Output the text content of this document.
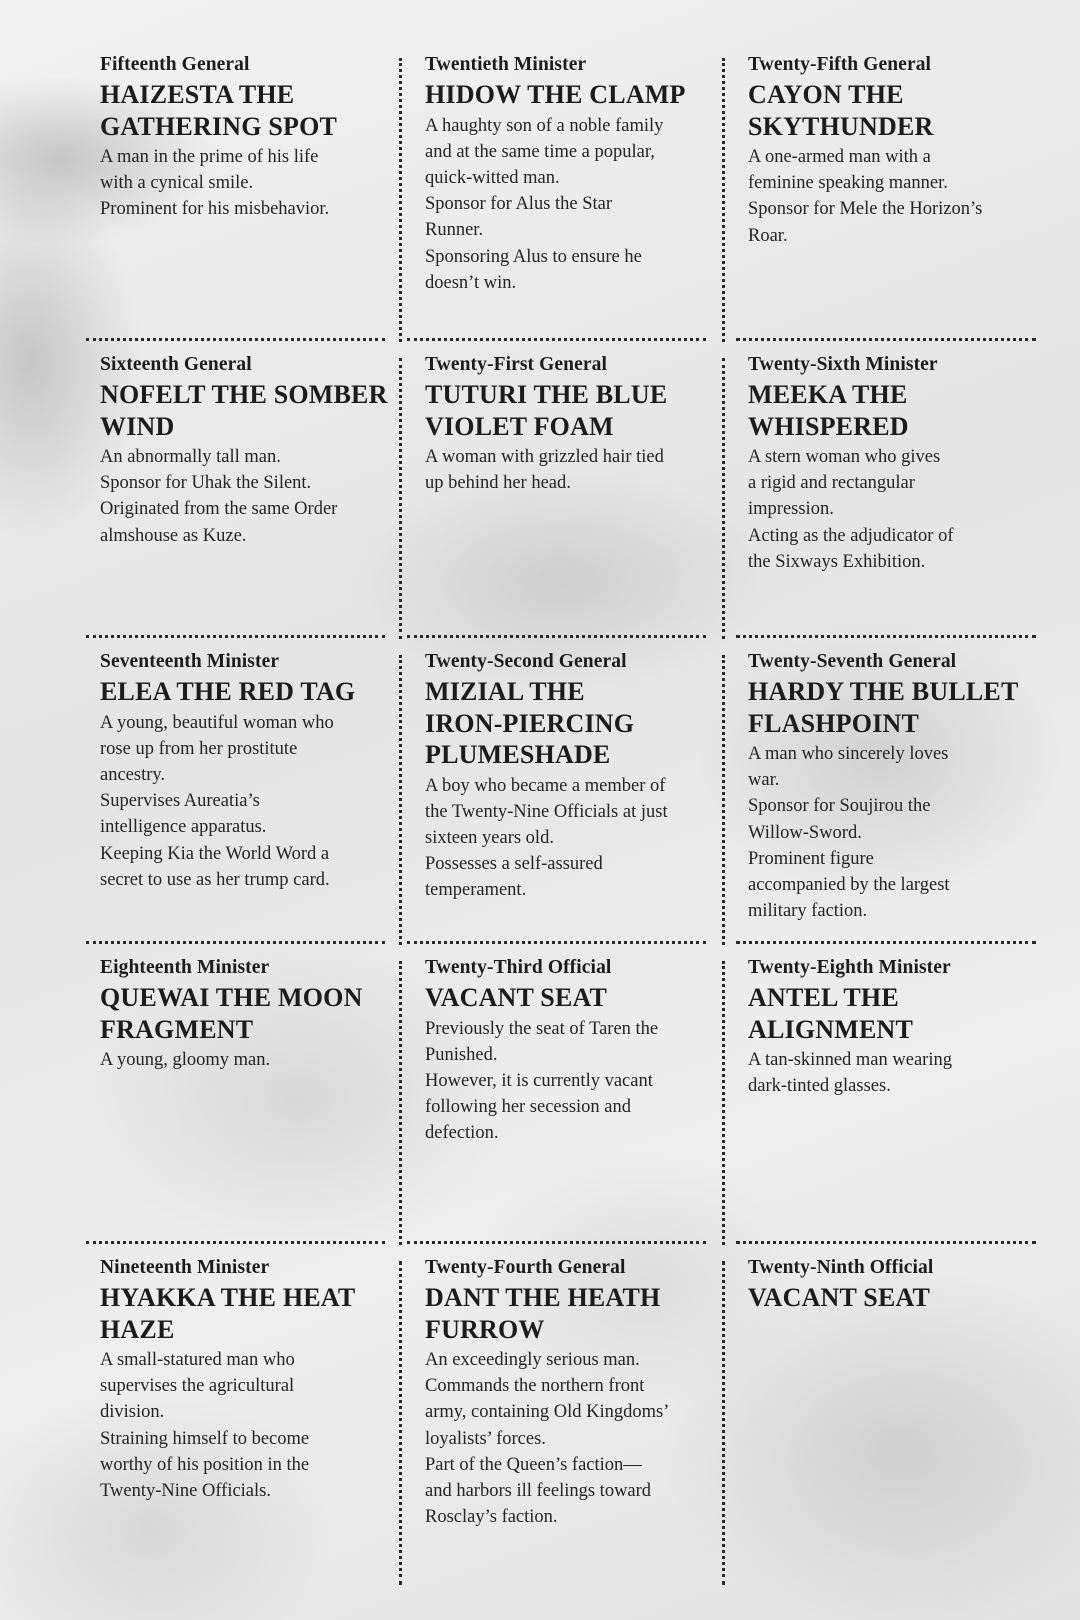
Fifteenth General
HAIZESTA THE
GATHERING SPOT
A man in the prime of his life
with a cynical smile.
Prominent for his misbehavior.
Twentieth Minister
HIDOW THE CLAMP
A haughty son of a noble family
and at the same time a popular,
quick-witted man.
Sponsor for Alus the Star
Runner.
Sponsoring Alus to ensure he
doesn’t win.
Twenty-Fifth General
CAYON THE
SKYTHUNDER
A one-armed man with a
feminine speaking manner.
Sponsor for Mele the Horizon’s
Roar.
Sixteenth General
NOFELT THE SOMBER
WIND
An abnormally tall man.
Sponsor for Uhak the Silent.
Originated from the same Order
almshouse as Kuze.
Twenty-First General
TUTURI THE BLUE
VIOLET FOAM
A woman with grizzled hair tied
up behind her head.
Twenty-Sixth Minister
MEEKA THE
WHISPERED
A stern woman who gives
a rigid and rectangular
impression.
Acting as the adjudicator of
the Sixways Exhibition.
Seventeenth Minister
ELEA THE RED TAG
A young, beautiful woman who
rose up from her prostitute
ancestry.
Supervises Aureatia’s
intelligence apparatus.
Keeping Kia the World Word a
secret to use as her trump card.
Twenty-Second General
MIZIAL THE
IRON-PIERCING
PLUMESHADE
A boy who became a member of
the Twenty-Nine Officials at just
sixteen years old.
Possesses a self-assured
temperament.
Twenty-Seventh General
HARDY THE BULLET
FLASHPOINT
A man who sincerely loves
war.
Sponsor for Soujirou the
Willow-Sword.
Prominent figure
accompanied by the largest
military faction.
Eighteenth Minister
QUEWAI THE MOON
FRAGMENT
A young, gloomy man.
Twenty-Third Official
VACANT SEAT
Previously the seat of Taren the
Punished.
However, it is currently vacant
following her secession and
defection.
Twenty-Eighth Minister
ANTEL THE
ALIGNMENT
A tan-skinned man wearing
dark-tinted glasses.
Nineteenth Minister
HYAKKA THE HEAT
HAZE
A small-statured man who
supervises the agricultural
division.
Straining himself to become
worthy of his position in the
Twenty-Nine Officials.
Twenty-Fourth General
DANT THE HEATH
FURROW
An exceedingly serious man.
Commands the northern front
army, containing Old Kingdoms’
loyalists’ forces.
Part of the Queen’s faction—
and harbors ill feelings toward
Rosclay’s faction.
Twenty-Ninth Official
VACANT SEAT
